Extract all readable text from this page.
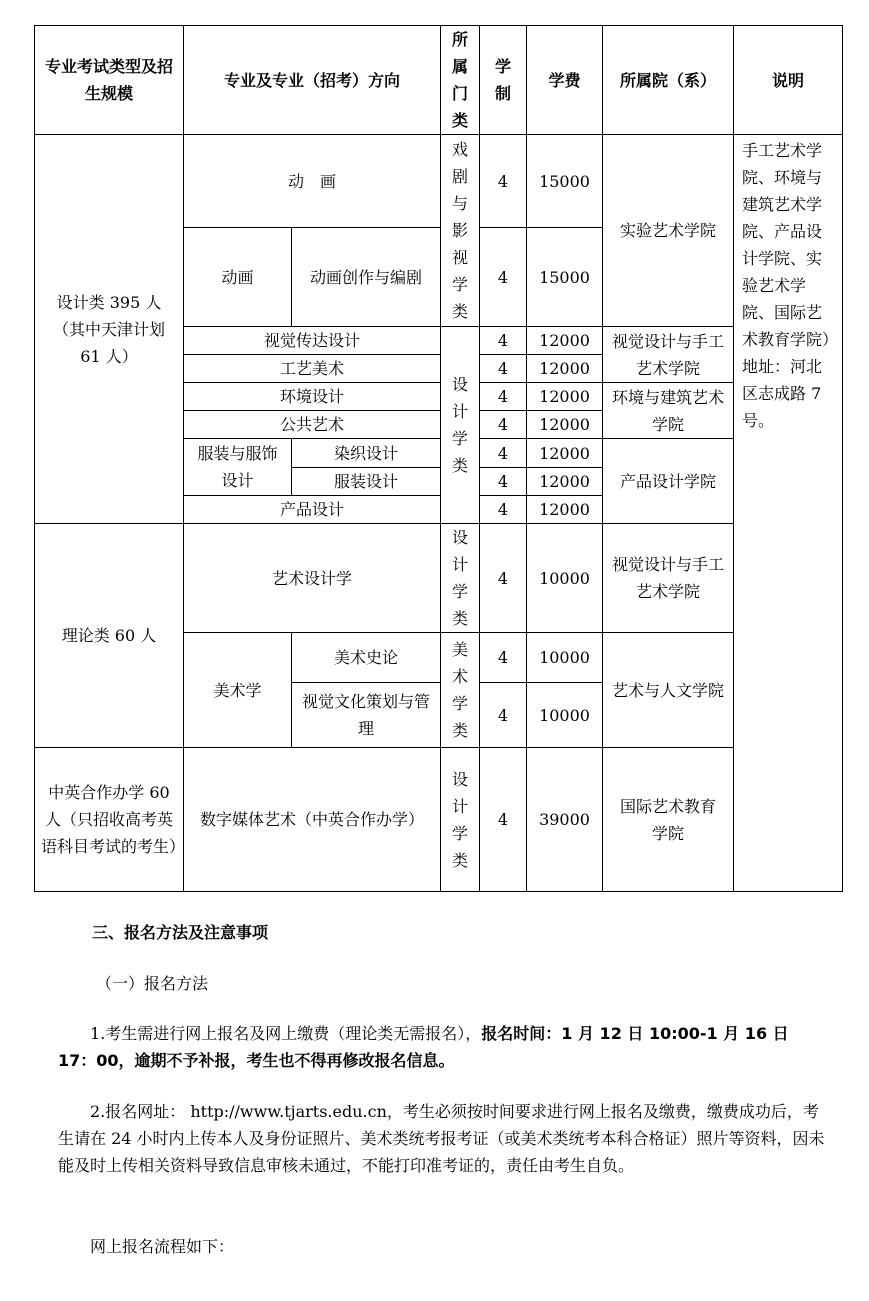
专业考试类型及招生规模	专业及专业（招考）方向		所属门类	学制	学费	所属院（系）	说明
设计类 395 人（其中天津计划 61 人）	动　画		戏剧与影视学类	4	15000	实验艺术学院	手工艺术学院、环境与建筑艺术学院、产品设计学院、实验艺术学院、国际艺术教育学院）地址：河北区志成路 7 号。
	动画	动画创作与编剧		4	15000		
	视觉传达设计		设计学类	4	12000	视觉设计与手工艺术学院	
	工艺美术			4	12000		
	环境设计			4	12000	环境与建筑艺术学院	
	公共艺术			4	12000		
	服装与服饰设计	染织设计		4	12000	产品设计学院	
		服装设计		4	12000		
	产品设计			4	12000		
理论类 60 人	艺术设计学		设计学类	4	10000	视觉设计与手工艺术学院	
	美术学	美术史论	美术学类	4	10000	艺术与人文学院	
		视觉文化策划与管理		4	10000		
中英合作办学 60 人（只招收高考英语科目考试的考生）	数字媒体艺术（中英合作办学）		设计学类	4	39000	国际艺术教育学院	
三、报名方法及注意事项
（一）报名方法
1.考生需进行网上报名及网上缴费（理论类无需报名），报名时间：1 月 12 日 10:00-1 月 16 日 17：00，逾期不予补报，考生也不得再修改报名信息。
2.报名网址： http://www.tjarts.edu.cn，考生必须按时间要求进行网上报名及缴费，缴费成功后，考生请在 24 小时内上传本人及身份证照片、美术类统考报考证（或美术类统考本科合格证）照片等资料，因未能及时上传相关资料导致信息审核未通过，不能打印准考证的，责任由考生自负。
网上报名流程如下：
